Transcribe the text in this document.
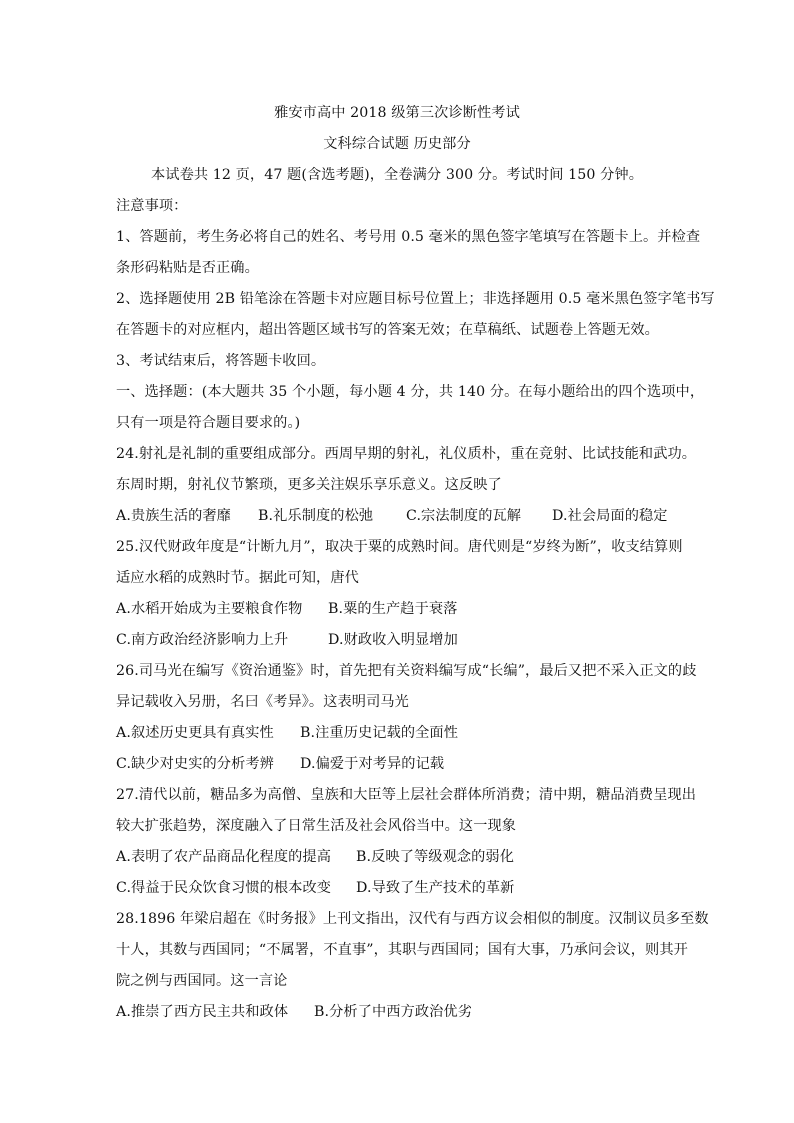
雅安市高中 2018 级第三次诊断性考试
文科综合试题 历史部分
本试卷共 12 页，47 题(含选考题)，全卷满分 300 分。考试时间 150 分钟。
注意事项：
1、答题前，考生务必将自己的姓名、考号用 0.5 毫米的黑色签字笔填写在答题卡上。并检查
条形码粘贴是否正确。
2、选择题使用 2B 铅笔涂在答题卡对应题目标号位置上；非选择题用 0.5 毫米黑色签字笔书写
在答题卡的对应框内，超出答题区域书写的答案无效；在草稿纸、试题卷上答题无效。
3、考试结束后，将答题卡收回。
一、选择题：(本大题共 35 个小题，每小题 4 分，共 140 分。在每小题给出的四个选项中，
只有一项是符合题目要求的。)
24.射礼是礼制的重要组成部分。西周早期的射礼，礼仪质朴，重在竞射、比试技能和武功。
东周时期，射礼仪节繁琐，更多关注娱乐享乐意义。这反映了
A.贵族生活的奢靡 B.礼乐制度的松弛 C.宗法制度的瓦解 D.社会局面的稳定
25.汉代财政年度是“计断九月”，取决于粟的成熟时间。唐代则是“岁终为断”，收支结算则
适应水稻的成熟时节。据此可知，唐代
A.水稻开始成为主要粮食作物 B.粟的生产趋于衰落
C.南方政治经济影响力上升	D.财政收入明显增加
26.司马光在编写《资治通鉴》时，首先把有关资料编写成“长编”，最后又把不采入正文的歧
异记载收入另册，名曰《考异》。这表明司马光
A.叙述历史更具有真实性 B.注重历史记载的全面性
C.缺少对史实的分析考辨 D.偏爱于对考异的记载
27.清代以前，糖品多为高僧、皇族和大臣等上层社会群体所消费；清中期，糖品消费呈现出
较大扩张趋势，深度融入了日常生活及社会风俗当中。这一现象
A.表明了农产品商品化程度的提高 B.反映了等级观念的弱化
C.得益于民众饮食习惯的根本改变 D.导致了生产技术的革新
28.1896 年梁启超在《时务报》上刊文指出，汉代有与西方议会相似的制度。汉制议员多至数
十人，其数与西国同；“不属署，不直事”，其职与西国同；国有大事，乃承问会议，则其开
院之例与西国同。这一言论
A.推崇了西方民主共和政体 B.分析了中西方政治优劣
